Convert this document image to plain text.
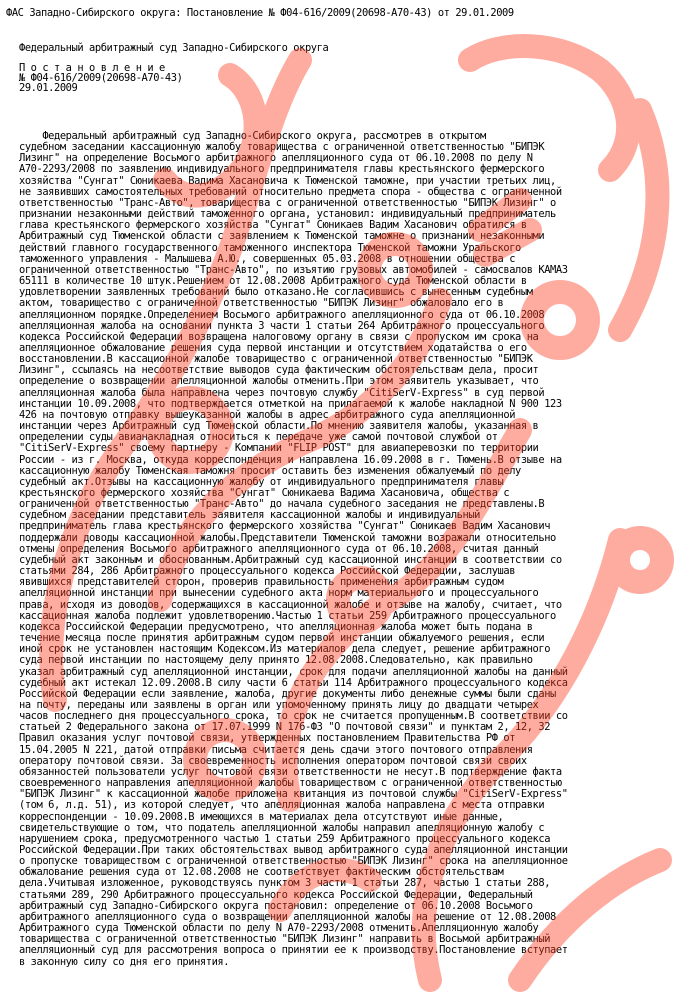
ФАС Западно-Сибирского округа: Постановление № Ф04-616/2009(20698-А70-43) от 29.01.2009
Федеральный арбитражный суд Западно-Сибирского округа
П о с т а н о в л е н и е
№ Ф04-616/2009(20698-А70-43)
29.01.2009
Федеральный арбитражный суд Западно-Сибирского округа, рассмотрев в открытом
судебном заседании кассационную жалобу товарищества с ограниченной ответственностью "БИПЭК
Лизинг" на определение Восьмого арбитражного апелляционного суда от 06.10.2008 по делу N
А70-2293/2008 по заявлению индивидуального предпринимателя главы крестьянского фермерского
хозяйства "Сунгат" Сюникаева Вадима Хасановича к Тюменской таможне, при участии третьих лиц,
не заявивших самостоятельных требований относительно предмета спора - общества с ограниченной
ответственностью "Транс-Авто", товарищества с ограниченной ответственностью "БИПЭК Лизинг" о
признании незаконными действий таможенного органа, установил: индивидуальный предприниматель
глава крестьянского фермерского хозяйства "Сунгат" Сюникаев Вадим Хасанович обратился в
Арбитражный суд Тюменской области с заявлением к Тюменской таможне о признании незаконными
действий главного государственного таможенного инспектора Тюменской таможни Уральского
таможенного управления - Малышева А.Ю., совершенных 05.03.2008 в отношении общества с
ограниченной ответственностью "Транс-Авто", по изъятию грузовых автомобилей - самосвалов КАМАЗ
65111 в количестве 10 штук.Решением от 12.08.2008 Арбитражного суда Тюменской области в
удовлетворении заявленных требований было отказано.Не согласившись с вынесенным судебным
актом, товарищество с ограниченной ответственностью "БИПЭК Лизинг" обжаловало его в
апелляционном порядке.Определением Восьмого арбитражного апелляционного суда от 06.10.2008
апелляционная жалоба на основании пункта 3 части 1 статьи 264 Арбитражного процессуального
кодекса Российской Федерации возвращена налоговому органу в связи с пропуском им срока на
апелляционное обжалование решения суда первой инстанции и отсутствием ходатайства о его
восстановлении.В кассационной жалобе товарищество с ограниченной ответственностью "БИПЭК
Лизинг", ссылаясь на несоответствие выводов суда фактическим обстоятельствам дела, просит
определение о возвращении апелляционной жалобы отменить.При этом заявитель указывает, что
апелляционная жалоба была направлена через почтовую службу "CitiSerV-Express" в суд первой
инстанции 10.09.2008, что подтверждается отметкой на прилагаемой к жалобе накладной N 900 123
426 на почтовую отправку вышеуказанной жалобы в адрес арбитражного суда апелляционной
инстанции через Арбитражный суд Тюменской области.По мнению заявителя жалобы, указанная в
определении суды авианакладная относиться к передаче уже самой почтовой службой от
"CitiSerV-Express" своему партнеру - Компании "FLIP POST" для авиаперевозки по территории
России - из г. Москва, откуда корреспонденция и направлена 16.09.2008 в г. Тюмень.В отзыве на
кассационную жалобу Тюменская таможня просит оставить без изменения обжалуемый по делу
судебный акт.Отзывы на кассационную жалобу от индивидуального предпринимателя главы
крестьянского фермерского хозяйства "Сунгат" Сюникаева Вадима Хасановича, общества с
ограниченной ответственностью "Транс-Авто" до начала судебного заседания не представлены.В
судебном заседании представитель заявителя кассационной жалобы и индивидуальный
предприниматель глава крестьянского фермерского хозяйства "Сунгат" Сюникаев Вадим Хасанович
поддержали доводы кассационной жалобы.Представители Тюменской таможни возражали относительно
отмены определения Восьмого арбитражного апелляционного суда от 06.10.2008, считая данный
судебный акт законным и обоснованным.Арбитражный суд кассационной инстанции в соответствии со
статьями 284, 286 Арбитражного процессуального кодекса Российской Федерации, заслушав
явившихся представителей сторон, проверив правильность применения арбитражным судом
апелляционной инстанции при вынесении судебного акта норм материального и процессуального
права, исходя из доводов, содержащихся в кассационной жалобе и отзыве на жалобу, считает, что
кассационная жалоба подлежит удовлетворению.Частью 1 статьи 259 Арбитражного процессуального
кодекса Российской Федерации предусмотрено, что апелляционная жалоба может быть подана в
течение месяца после принятия арбитражным судом первой инстанции обжалуемого решения, если
иной срок не установлен настоящим Кодексом.Из материалов дела следует, решение арбитражного
суда первой инстанции по настоящему делу принято 12.08.2008.Следовательно, как правильно
указал арбитражный суд апелляционной инстанции, срок для подачи апелляционной жалобы на данный
судебный акт истекал 12.09.2008.В силу части 6 статьи 114 Арбитражного процессуального кодекса
Российской Федерации если заявление, жалоба, другие документы либо денежные суммы были сданы
на почту, переданы или заявлены в орган или упомоченному принять лицу до двадцати четырех
часов последнего дня процессуального срока, то срок не считается пропущенным.В соответствии со
статьей 2 Федерального закона от 17.07.1999 N 176-ФЗ "О почтовой связи" и пунктам 2, 12, 32
Правил оказания услуг почтовой связи, утвержденных постановлением Правительства РФ от
15.04.2005 N 221, датой отправки письма считается день сдачи этого почтового отправления
оператору почтовой связи. За своевременность исполнения оператором почтовой связи своих
обязанностей пользователи услуг почтовой связи ответственности не несут.В подтверждение факта
своевременного направления апелляционной жалобы товариществом с ограниченной ответственностью
"БИПЭК Лизинг" к кассационной жалобе приложена квитанция из почтовой службы "CitiSerV-Express"
(том 6, л.д. 51), из которой следует, что апелляционная жалоба направлена с места отправки
корреспонденции - 10.09.2008.В имеющихся в материалах дела отсутствуют иные данные,
свидетельствующие о том, что податель апелляционной жалобы направил апелляционную жалобу с
нарушением срока, предусмотренного частью 1 статьи 259 Арбитражного процессуального кодекса
Российской Федерации.При таких обстоятельствах вывод арбитражного суда апелляционной инстанции
о пропуске товариществом с ограниченной ответственностью "БИПЭК Лизинг" срока на апелляционное
обжалование решения суда от 12.08.2008 не соответствует фактическим обстоятельствам
дела.Учитывая изложенное, руководствуясь пунктом 3 части 1 статьи 287, частью 1 статьи 288,
статьями 289, 290 Арбитражного процессуального кодекса Российской Федерации, Федеральный
арбитражный суд Западно-Сибирского округа постановил: определение от 06.10.2008 Восьмого
арбитражного апелляционного суда о возвращении апелляционной жалобы на решение от 12.08.2008
Арбитражного суда Тюменской области по делу N А70-2293/2008 отменить.Апелляционную жалобу
товарищества с ограниченной ответственностью "БИПЭК Лизинг" направить в Восьмой арбитражный
апелляционный суд для рассмотрения вопроса о принятии ее к производству.Постановление вступает
в законную силу со дня его принятия.
